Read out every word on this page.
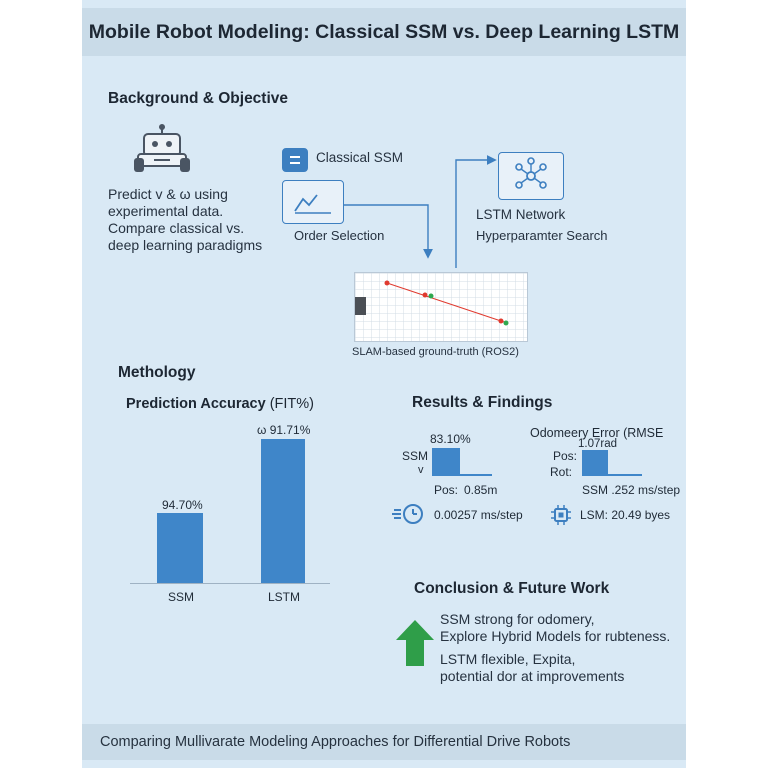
Mobile Robot Modeling: Classical SSM vs. Deep Learning LSTM
Background & Objective
Predict v & ω using
experimental data.
Compare classical vs.
deep learning paradigms
Classical SSM
Order Selection
LSTM Network
Hyperparamter Search
SLAM-based ground-truth (ROS2)
Methology
Prediction Accuracy (FIT%)
94.70%
ω 91.71%
SSM	LSTM
Results & Findings
83.10%
SSM
v
Pos: 0.85m
Odomeery Error (RMSE
1.07rad
Pos:
Rot:
SSM .252 ms/step
0.00257 ms/step	LSM: 20.49 byes
Conclusion & Future Work
SSM strong for odomery,
Explore Hybrid Models for rubteness.
LSTM flexible, Expita,
potential dor at improvements
Comparing Mullivarate Modeling Approaches for Differential Drive Robots
